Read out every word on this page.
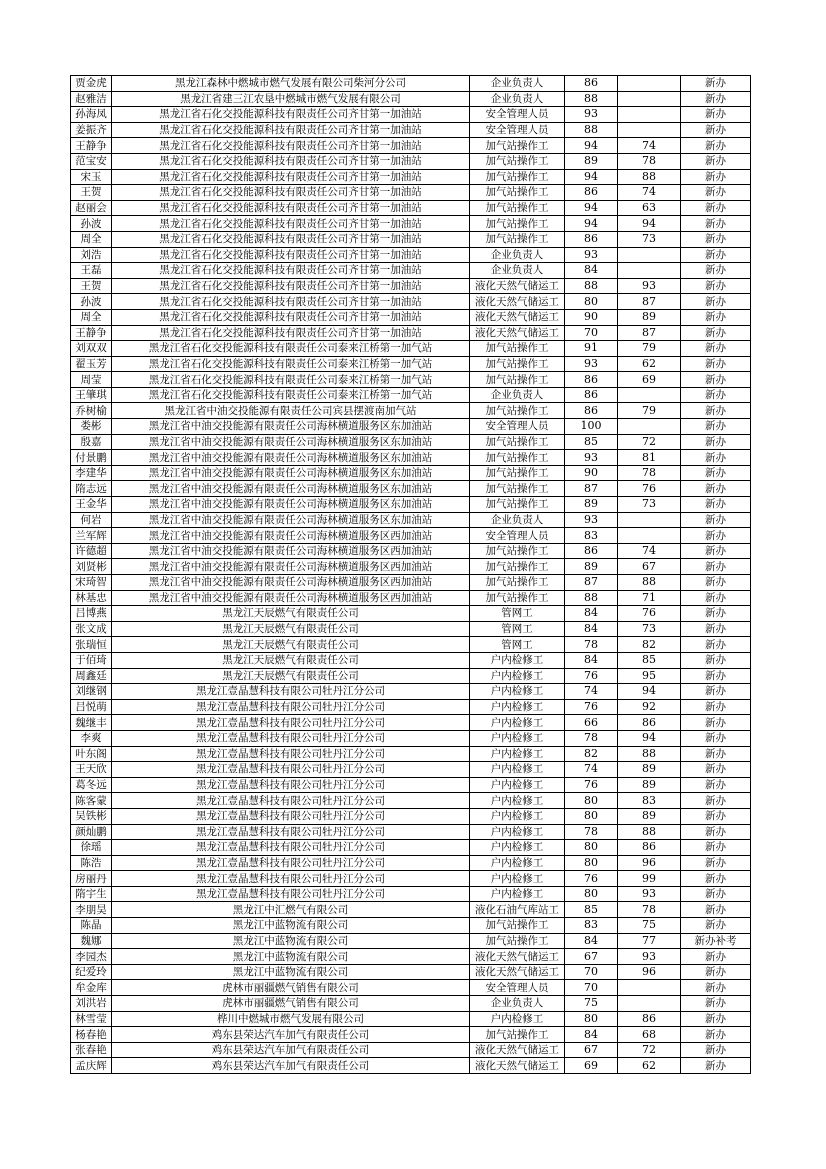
贾金虎	黑龙江森林中燃城市燃气发展有限公司柴河分公司	企业负责人	86		新办
赵雅洁	黑龙江省建三江农垦中燃城市燃气发展有限公司	企业负责人	88		新办
孙海凤	黑龙江省石化交投能源科技有限责任公司齐甘第一加油站	安全管理人员	93		新办
姜振齐	黑龙江省石化交投能源科技有限责任公司齐甘第一加油站	安全管理人员	88		新办
王静争	黑龙江省石化交投能源科技有限责任公司齐甘第一加油站	加气站操作工	94	74	新办
范宝安	黑龙江省石化交投能源科技有限责任公司齐甘第一加油站	加气站操作工	89	78	新办
宋玉	黑龙江省石化交投能源科技有限责任公司齐甘第一加油站	加气站操作工	94	88	新办
王贺	黑龙江省石化交投能源科技有限责任公司齐甘第一加油站	加气站操作工	86	74	新办
赵丽会	黑龙江省石化交投能源科技有限责任公司齐甘第一加油站	加气站操作工	94	63	新办
孙波	黑龙江省石化交投能源科技有限责任公司齐甘第一加油站	加气站操作工	94	94	新办
周全	黑龙江省石化交投能源科技有限责任公司齐甘第一加油站	加气站操作工	86	73	新办
刘浩	黑龙江省石化交投能源科技有限责任公司齐甘第一加油站	企业负责人	93		新办
王磊	黑龙江省石化交投能源科技有限责任公司齐甘第一加油站	企业负责人	84		新办
王贺	黑龙江省石化交投能源科技有限责任公司齐甘第一加油站	液化天然气储运工	88	93	新办
孙波	黑龙江省石化交投能源科技有限责任公司齐甘第一加油站	液化天然气储运工	80	87	新办
周全	黑龙江省石化交投能源科技有限责任公司齐甘第一加油站	液化天然气储运工	90	89	新办
王静争	黑龙江省石化交投能源科技有限责任公司齐甘第一加油站	液化天然气储运工	70	87	新办
刘双双	黑龙江省石化交投能源科技有限责任公司泰来江桥第一加气站	加气站操作工	91	79	新办
翟玉芳	黑龙江省石化交投能源科技有限责任公司泰来江桥第一加气站	加气站操作工	93	62	新办
周莹	黑龙江省石化交投能源科技有限责任公司泰来江桥第一加气站	加气站操作工	86	69	新办
王肇琪	黑龙江省石化交投能源科技有限责任公司泰来江桥第一加气站	企业负责人	86		新办
乔树榆	黑龙江省中油交投能源有限责任公司宾县摆渡南加气站	加气站操作工	86	79	新办
娄彬	黑龙江省中油交投能源有限责任公司海林横道服务区东加油站	安全管理人员	100		新办
殷嘉	黑龙江省中油交投能源有限责任公司海林横道服务区东加油站	加气站操作工	85	72	新办
付景鹏	黑龙江省中油交投能源有限责任公司海林横道服务区东加油站	加气站操作工	93	81	新办
李建华	黑龙江省中油交投能源有限责任公司海林横道服务区东加油站	加气站操作工	90	78	新办
隋志远	黑龙江省中油交投能源有限责任公司海林横道服务区东加油站	加气站操作工	87	76	新办
王金华	黑龙江省中油交投能源有限责任公司海林横道服务区东加油站	加气站操作工	89	73	新办
何岩	黑龙江省中油交投能源有限责任公司海林横道服务区东加油站	企业负责人	93		新办
兰军辉	黑龙江省中油交投能源有限责任公司海林横道服务区西加油站	安全管理人员	83		新办
许德超	黑龙江省中油交投能源有限责任公司海林横道服务区西加油站	加气站操作工	86	74	新办
刘贤彬	黑龙江省中油交投能源有限责任公司海林横道服务区西加油站	加气站操作工	89	67	新办
宋琦智	黑龙江省中油交投能源有限责任公司海林横道服务区西加油站	加气站操作工	87	88	新办
林基忠	黑龙江省中油交投能源有限责任公司海林横道服务区西加油站	加气站操作工	88	71	新办
吕博燕	黑龙江天辰燃气有限责任公司	管网工	84	76	新办
张文成	黑龙江天辰燃气有限责任公司	管网工	84	73	新办
张瑞恒	黑龙江天辰燃气有限责任公司	管网工	78	82	新办
于佰琦	黑龙江天辰燃气有限责任公司	户内检修工	84	85	新办
周鑫廷	黑龙江天辰燃气有限责任公司	户内检修工	76	95	新办
刘继钢	黑龙江壹晶慧科技有限公司牡丹江分公司	户内检修工	74	94	新办
吕悦萌	黑龙江壹晶慧科技有限公司牡丹江分公司	户内检修工	76	92	新办
魏继丰	黑龙江壹晶慧科技有限公司牡丹江分公司	户内检修工	66	86	新办
李爽	黑龙江壹晶慧科技有限公司牡丹江分公司	户内检修工	78	94	新办
叶东阁	黑龙江壹晶慧科技有限公司牡丹江分公司	户内检修工	82	88	新办
王天欣	黑龙江壹晶慧科技有限公司牡丹江分公司	户内检修工	74	89	新办
葛冬远	黑龙江壹晶慧科技有限公司牡丹江分公司	户内检修工	76	89	新办
陈客蒙	黑龙江壹晶慧科技有限公司牡丹江分公司	户内检修工	80	83	新办
吴铁彬	黑龙江壹晶慧科技有限公司牡丹江分公司	户内检修工	80	89	新办
颜灿鹏	黑龙江壹晶慧科技有限公司牡丹江分公司	户内检修工	78	88	新办
徐瑶	黑龙江壹晶慧科技有限公司牡丹江分公司	户内检修工	80	86	新办
陈浩	黑龙江壹晶慧科技有限公司牡丹江分公司	户内检修工	80	96	新办
房丽丹	黑龙江壹晶慧科技有限公司牡丹江分公司	户内检修工	76	99	新办
隋宇生	黑龙江壹晶慧科技有限公司牡丹江分公司	户内检修工	80	93	新办
李朋昊	黑龙江中汇燃气有限公司	液化石油气库站工	85	78	新办
陈晶	黑龙江中蓝物流有限公司	加气站操作工	83	75	新办
魏娜	黑龙江中蓝物流有限公司	加气站操作工	84	77	新办补考
李园杰	黑龙江中蓝物流有限公司	液化天然气储运工	67	93	新办
纪爱玲	黑龙江中蓝物流有限公司	液化天然气储运工	70	96	新办
牟金库	虎林市丽疆燃气销售有限公司	安全管理人员	70		新办
刘洪岩	虎林市丽疆燃气销售有限公司	企业负责人	75		新办
林雪莹	桦川中燃城市燃气发展有限公司	户内检修工	80	86	新办
杨春艳	鸡东县荣达汽车加气有限责任公司	加气站操作工	84	68	新办
张春艳	鸡东县荣达汽车加气有限责任公司	液化天然气储运工	67	72	新办
孟庆辉	鸡东县荣达汽车加气有限责任公司	液化天然气储运工	69	62	新办
